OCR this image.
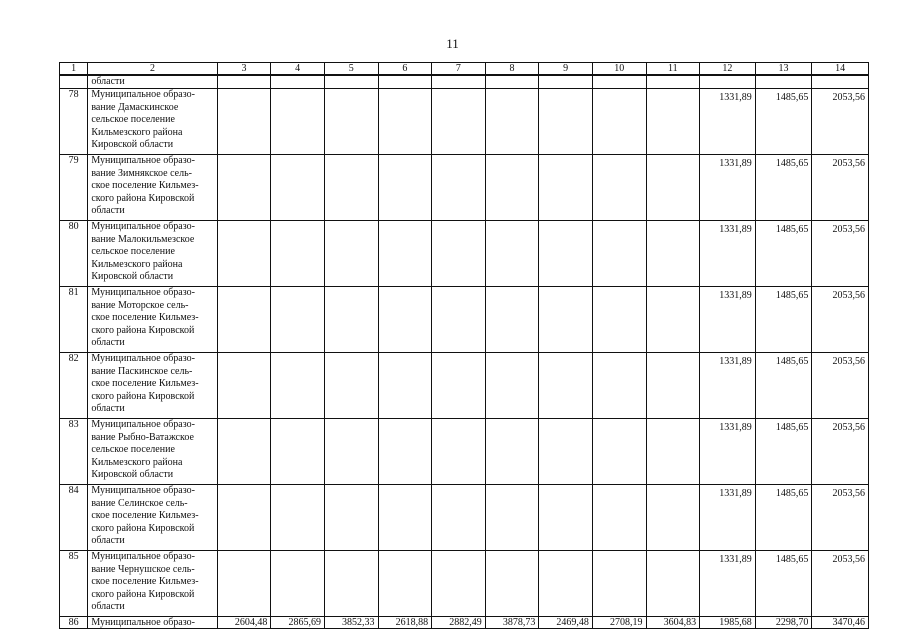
11
1	2	3	4	5	6	7	8	9	10	11	12	13	14
	области												
78	Муниципальное образо-
вание Дамаскинское
сельское поселение
Кильмезского района
Кировской области										1331,89	1485,65	2053,56
79	Муниципальное образо-
вание Зимнякское сель-
ское поселение Кильмез-
ского района Кировской
области										1331,89	1485,65	2053,56
80	Муниципальное образо-
вание Малокильмезское
сельское поселение
Кильмезского района
Кировской области										1331,89	1485,65	2053,56
81	Муниципальное образо-
вание Моторское сель-
ское поселение Кильмез-
ского района Кировской
области										1331,89	1485,65	2053,56
82	Муниципальное образо-
вание Паскинское сель-
ское поселение Кильмез-
ского района Кировской
области										1331,89	1485,65	2053,56
83	Муниципальное образо-
вание Рыбно-Ватажское
сельское поселение
Кильмезского района
Кировской области										1331,89	1485,65	2053,56
84	Муниципальное образо-
вание Селинское сель-
ское поселение Кильмез-
ского района Кировской
области										1331,89	1485,65	2053,56
85	Муниципальное образо-
вание Чернушское сель-
ское поселение Кильмез-
ского района Кировской
области										1331,89	1485,65	2053,56
86	Муниципальное образо-	2604,48	2865,69	3852,33	2618,88	2882,49	3878,73	2469,48	2708,19	3604,83	1985,68	2298,70	3470,46
